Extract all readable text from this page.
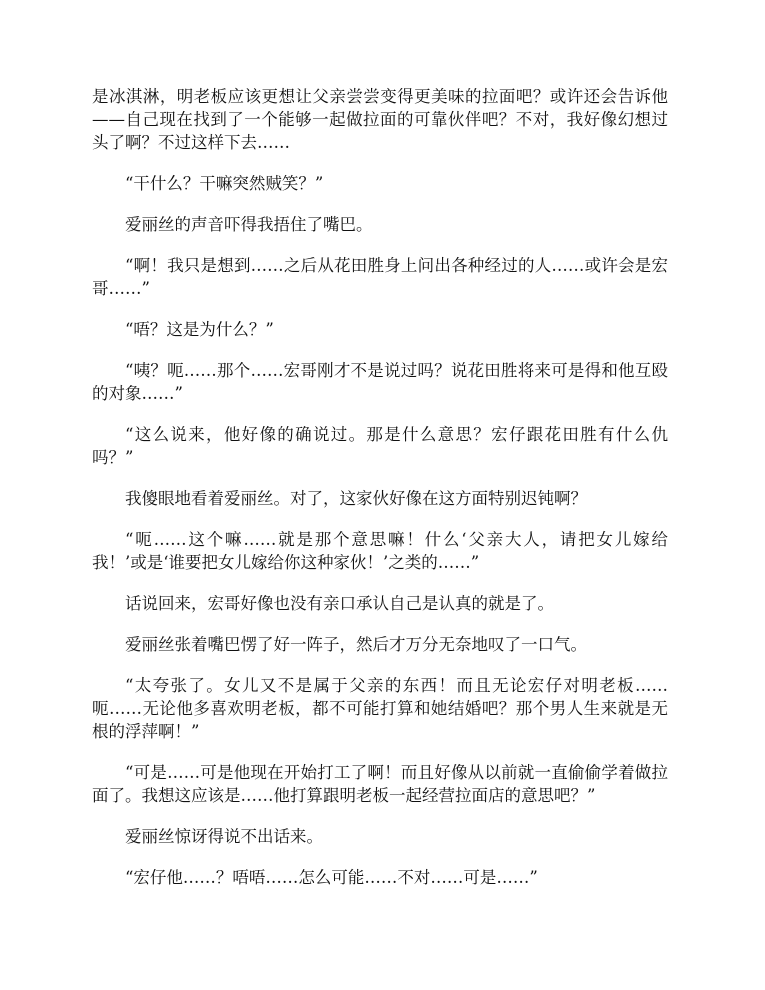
是冰淇淋，明老板应该更想让父亲尝尝变得更美味的拉面吧？或许还会告诉他——自己现在找到了一个能够一起做拉面的可靠伙伴吧？不对，我好像幻想过头了啊？不过这样下去……

“干什么？干嘛突然贼笑？”

爱丽丝的声音吓得我捂住了嘴巴。

“啊！我只是想到……之后从花田胜身上问出各种经过的人……或许会是宏哥……”

“唔？这是为什么？”

“咦？呃……那个……宏哥刚才不是说过吗？说花田胜将来可是得和他互殴的对象……”

“这么说来，他好像的确说过。那是什么意思？宏仔跟花田胜有什么仇吗？”

我傻眼地看着爱丽丝。对了，这家伙好像在这方面特别迟钝啊？

“呃……这个嘛……就是那个意思嘛！什么‘父亲大人，请把女儿嫁给我！’或是‘谁要把女儿嫁给你这种家伙！’之类的……”

话说回来，宏哥好像也没有亲口承认自己是认真的就是了。

爱丽丝张着嘴巴愣了好一阵子，然后才万分无奈地叹了一口气。

“太夸张了。女儿又不是属于父亲的东西！而且无论宏仔对明老板……呃……无论他多喜欢明老板，都不可能打算和她结婚吧？那个男人生来就是无根的浮萍啊！”

“可是……可是他现在开始打工了啊！而且好像从以前就一直偷偷学着做拉面了。我想这应该是……他打算跟明老板一起经营拉面店的意思吧？”

爱丽丝惊讶得说不出话来。

“宏仔他……？唔唔……怎么可能……不对……可是……”
